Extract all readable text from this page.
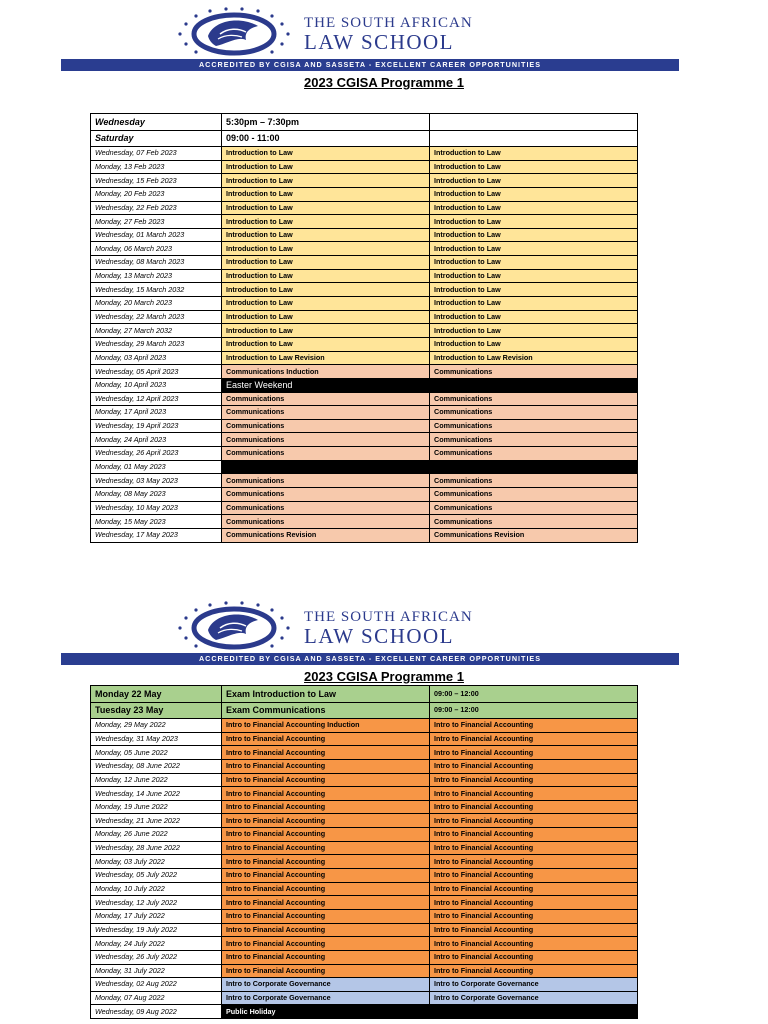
THE SOUTH AFRICAN
LAW SCHOOL
ACCREDITED BY CGISA AND SASSETA - EXCELLENT CAREER OPPORTUNITIES
2023 CGISA Programme 1
Wednesday	5:30pm – 7:30pm	
Saturday	09:00 - 11:00	
Wednesday, 07 Feb 2023	Introduction to Law	Introduction to Law
Monday, 13 Feb 2023	Introduction to Law	Introduction to Law
Wednesday, 15 Feb 2023	Introduction to Law	Introduction to Law
Monday, 20 Feb 2023	Introduction to Law	Introduction to Law
Wednesday, 22 Feb 2023	Introduction to Law	Introduction to Law
Monday, 27 Feb 2023	Introduction to Law	Introduction to Law
Wednesday, 01 March 2023	Introduction to Law	Introduction to Law
Monday, 06 March 2023	Introduction to Law	Introduction to Law
Wednesday, 08 March 2023	Introduction to Law	Introduction to Law
Monday, 13 March 2023	Introduction to Law	Introduction to Law
Wednesday, 15 March 2032	Introduction to Law	Introduction to Law
Monday, 20 March 2023	Introduction to Law	Introduction to Law
Wednesday, 22 March 2023	Introduction to Law	Introduction to Law
Monday, 27 March 2032	Introduction to Law	Introduction to Law
Wednesday, 29 March 2023	Introduction to Law	Introduction to Law
Monday, 03 April 2023	Introduction to Law Revision	Introduction to Law Revision
Wednesday, 05 April 2023	Communications Induction	Communications
Monday, 10 April 2023	Easter Weekend	
Wednesday, 12 April 2023	Communications	Communications
Monday, 17 April 2023	Communications	Communications
Wednesday, 19 April 2023	Communications	Communications
Monday, 24 April 2023	Communications	Communications
Wednesday, 26 April 2023	Communications	Communications
Monday, 01 May 2023		
Wednesday, 03 May 2023	Communications	Communications
Monday, 08 May 2023	Communications	Communications
Wednesday, 10 May 2023	Communications	Communications
Monday, 15 May 2023	Communications	Communications
Wednesday, 17 May 2023	Communications Revision	Communications Revision
THE SOUTH AFRICAN
LAW SCHOOL
ACCREDITED BY CGISA AND SASSETA - EXCELLENT CAREER OPPORTUNITIES
2023 CGISA Programme 1
Monday 22 May	Exam Introduction to Law	09:00 – 12:00
Tuesday 23 May	Exam Communications	09:00 – 12:00
Monday, 29 May 2022	Intro to Financial Accounting Induction	Intro to Financial Accounting
Wednesday, 31 May 2023	Intro to Financial Accounting	Intro to Financial Accounting
Monday, 05 June 2022	Intro to Financial Accounting	Intro to Financial Accounting
Wednesday, 08 June 2022	Intro to Financial Accounting	Intro to Financial Accounting
Monday, 12 June 2022	Intro to Financial Accounting	Intro to Financial Accounting
Wednesday, 14 June 2022	Intro to Financial Accounting	Intro to Financial Accounting
Monday, 19 June 2022	Intro to Financial Accounting	Intro to Financial Accounting
Wednesday, 21 June 2022	Intro to Financial Accounting	Intro to Financial Accounting
Monday, 26 June 2022	Intro to Financial Accounting	Intro to Financial Accounting
Wednesday, 28 June 2022	Intro to Financial Accounting	Intro to Financial Accounting
Monday, 03 July 2022	Intro to Financial Accounting	Intro to Financial Accounting
Wednesday, 05 July 2022	Intro to Financial Accounting	Intro to Financial Accounting
Monday, 10 July 2022	Intro to Financial Accounting	Intro to Financial Accounting
Wednesday, 12 July 2022	Intro to Financial Accounting	Intro to Financial Accounting
Monday, 17 July 2022	Intro to Financial Accounting	Intro to Financial Accounting
Wednesday, 19 July 2022	Intro to Financial Accounting	Intro to Financial Accounting
Monday, 24 July 2022	Intro to Financial Accounting	Intro to Financial Accounting
Wednesday, 26 July 2022	Intro to Financial Accounting	Intro to Financial Accounting
Monday, 31 July 2022	Intro to Financial Accounting	Intro to Financial Accounting
Wednesday, 02 Aug 2022	Intro to Corporate Governance	Intro to Corporate Governance
Monday, 07 Aug 2022	Intro to Corporate Governance	Intro to Corporate Governance
Wednesday, 09 Aug 2022	Public Holiday	
